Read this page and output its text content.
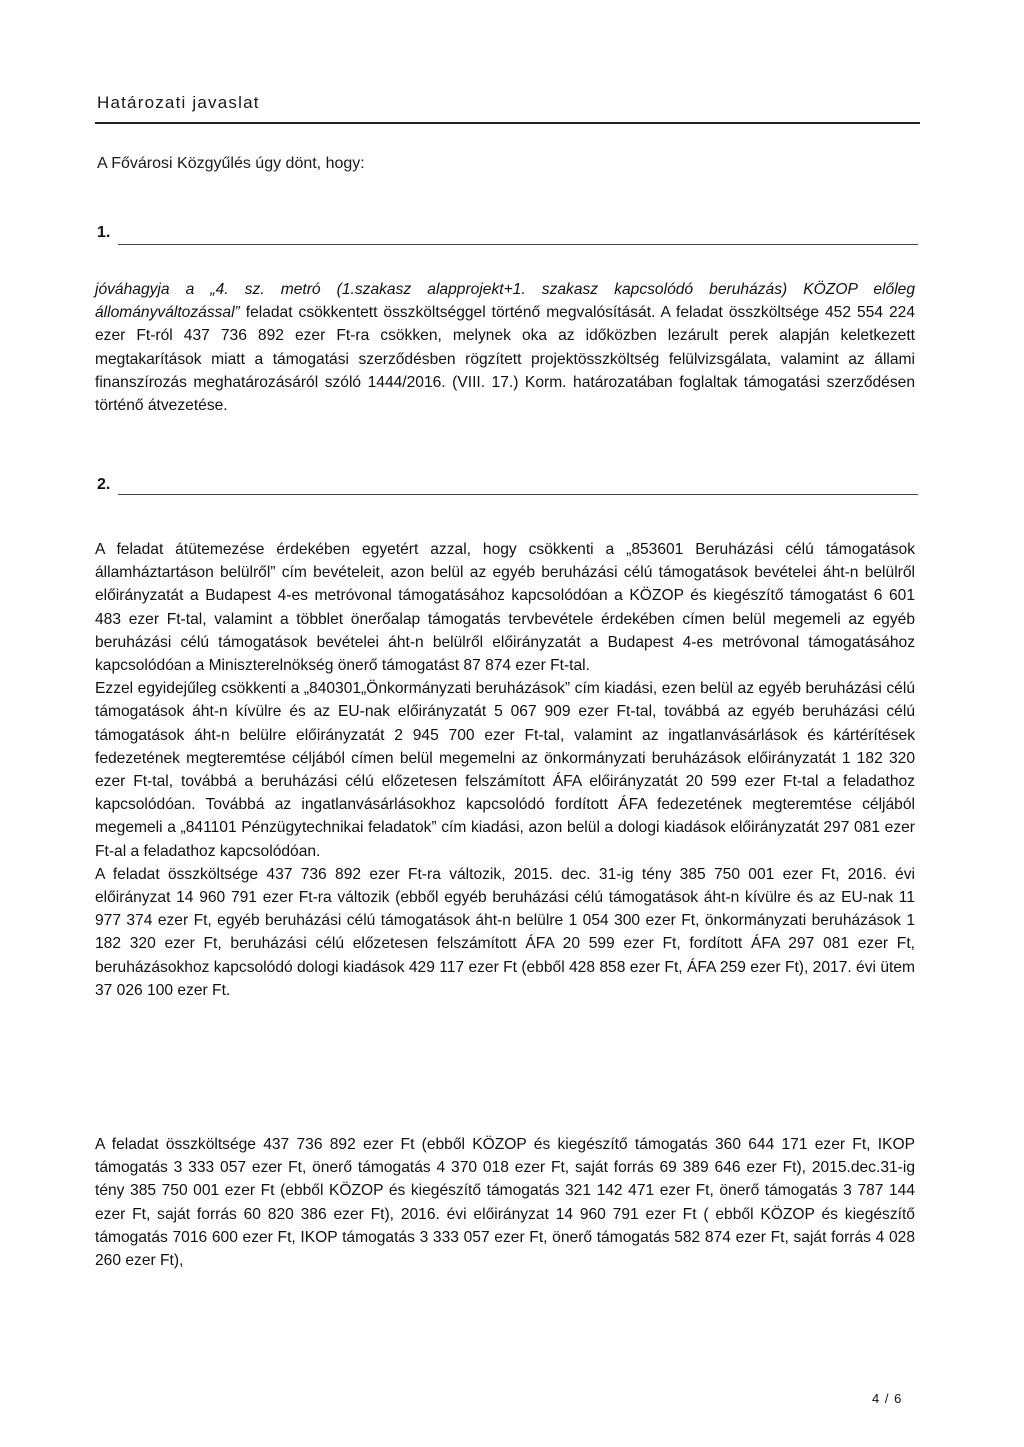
Határozati javaslat
A Fővárosi Közgyűlés úgy dönt, hogy:
1.

jóváhagyja a „4. sz. metró (1.szakasz alapprojekt+1. szakasz kapcsolódó beruházás) KÖZOP előleg állományváltozással” feladat csökkentett összköltséggel történő megvalósítását. A feladat összköltsége 452 554 224 ezer Ft-ról 437 736 892 ezer Ft-ra csökken, melynek oka az időközben lezárult perek alapján keletkezett megtakarítások miatt a támogatási szerződésben rögzített projektösszköltség felülvizsgálata, valamint az állami finanszírozás meghatározásáról szóló 1444/2016. (VIII. 17.) Korm. határozatában foglaltak támogatási szerződésen történő átvezetése.

2.

A feladat átütemezése érdekében egyetért azzal, hogy csökkenti a „853601 Beruházási célú támogatások államháztartáson belülről” cím bevételeit, azon belül az egyéb beruházási célú támogatások bevételei áht-n belülről előirányzatát a Budapest 4-es metróvonal támogatásához kapcsolódóan a KÖZOP és kiegészítő támogatást 6 601 483 ezer Ft-tal, valamint a többlet önerőalap támogatás tervbevétele érdekében címen belül megemeli az egyéb beruházási célú támogatások bevételei áht-n belülről előirányzatát a Budapest 4-es metróvonal támogatásához kapcsolódóan a Miniszterelnökség önerő támogatást 87 874 ezer Ft-tal.

Ezzel egyidejűleg csökkenti a „840301„Önkormányzati beruházások” cím kiadási, ezen belül az egyéb beruházási célú támogatások áht-n kívülre és az EU-nak előirányzatát 5 067 909 ezer Ft-tal, továbbá az egyéb beruházási célú támogatások áht-n belülre előirányzatát 2 945 700 ezer Ft-tal, valamint az ingatlanvásárlások és kártérítések fedezetének megteremtése céljából címen belül megemelni az önkormányzati beruházások előirányzatát 1 182 320 ezer Ft-tal, továbbá a beruházási célú előzetesen felszámított ÁFA előirányzatát 20 599 ezer Ft-tal a feladathoz kapcsolódóan. Továbbá az ingatlanvásárlásokhoz kapcsolódó fordított ÁFA fedezetének megteremtése céljából megemeli a „841101 Pénzügytechnikai feladatok” cím kiadási, azon belül a dologi kiadások előirányzatát 297 081 ezer Ft-al a feladathoz kapcsolódóan.

A feladat összköltsége 437 736 892 ezer Ft-ra változik, 2015. dec. 31-ig tény 385 750 001 ezer Ft, 2016. évi előirányzat 14 960 791 ezer Ft-ra változik (ebből egyéb beruházási célú támogatások áht-n kívülre és az EU-nak 11 977 374 ezer Ft, egyéb beruházási célú támogatások áht-n belülre 1 054 300 ezer Ft, önkormányzati beruházások 1 182 320 ezer Ft, beruházási célú előzetesen felszámított ÁFA 20 599 ezer Ft, fordított ÁFA 297 081 ezer Ft, beruházásokhoz kapcsolódó dologi kiadások 429 117 ezer Ft (ebből 428 858 ezer Ft, ÁFA 259 ezer Ft), 2017. évi ütem 37 026 100 ezer Ft.

A feladat összköltsége 437 736 892 ezer Ft (ebből KÖZOP és kiegészítő támogatás 360 644 171 ezer Ft, IKOP támogatás 3 333 057 ezer Ft, önerő támogatás 4 370 018 ezer Ft, saját forrás 69 389 646 ezer Ft), 2015.dec.31-ig tény 385 750 001 ezer Ft (ebből KÖZOP és kiegészítő támogatás 321 142 471 ezer Ft, önerő támogatás 3 787 144 ezer Ft, saját forrás 60 820 386 ezer Ft), 2016. évi előirányzat 14 960 791 ezer Ft ( ebből KÖZOP és kiegészítő támogatás 7016 600 ezer Ft, IKOP támogatás 3 333 057 ezer Ft, önerő támogatás 582 874 ezer Ft, saját forrás 4 028 260 ezer Ft),

4 / 6
